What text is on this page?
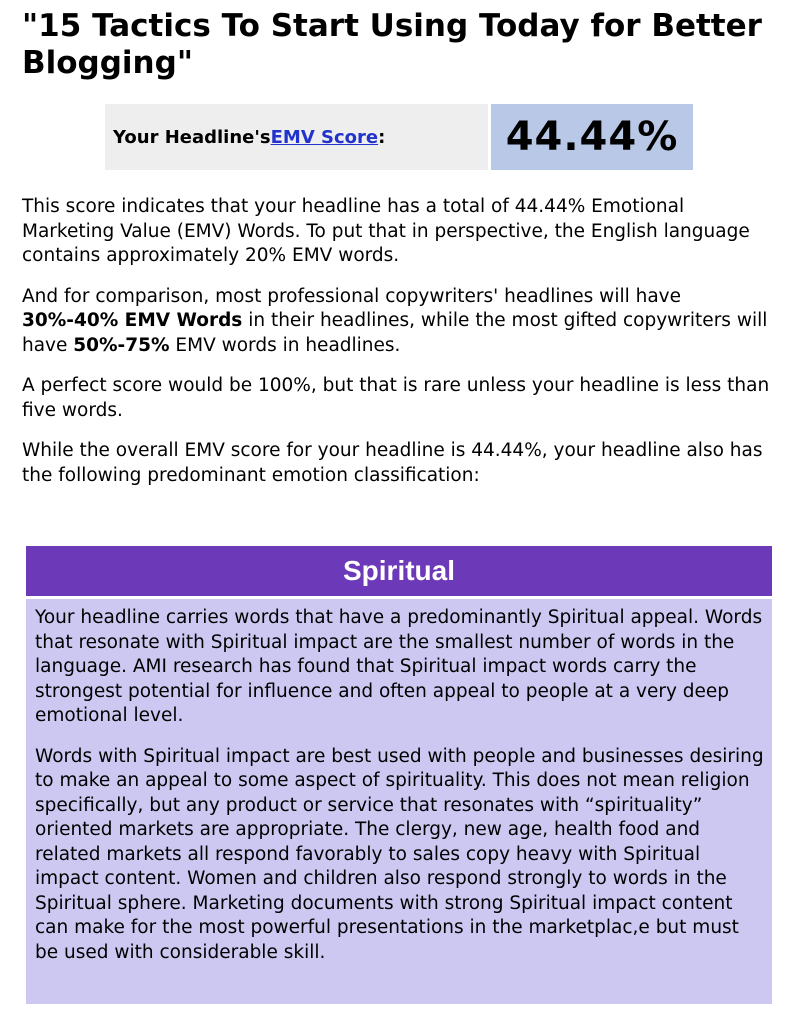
"15 Tactics To Start Using Today for Better Blogging"
Your Headline's EMV Score :	44.44%

This score indicates that your headline has a total of 44.44% Emotional Marketing Value (EMV) Words. To put that in perspective, the English language contains approximately 20% EMV words.

And for comparison, most professional copywriters' headlines will have 30%-40% EMV Words in their headlines, while the most gifted copywriters will have 50%-75% EMV words in headlines.

A perfect score would be 100%, but that is rare unless your headline is less than five words.

While the overall EMV score for your headline is 44.44%, your headline also has the following predominant emotion classification:

Spiritual

Your headline carries words that have a predominantly Spiritual appeal. Words that resonate with Spiritual impact are the smallest number of words in the language. AMI research has found that Spiritual impact words carry the strongest potential for influence and often appeal to people at a very deep emotional level.

Words with Spiritual impact are best used with people and businesses desiring to make an appeal to some aspect of spirituality. This does not mean religion specifically, but any product or service that resonates with “spirituality” oriented markets are appropriate. The clergy, new age, health food and related markets all respond favorably to sales copy heavy with Spiritual impact content. Women and children also respond strongly to words in the Spiritual sphere. Marketing documents with strong Spiritual impact content can make for the most powerful presentations in the marketplac,e but must be used with considerable skill.
